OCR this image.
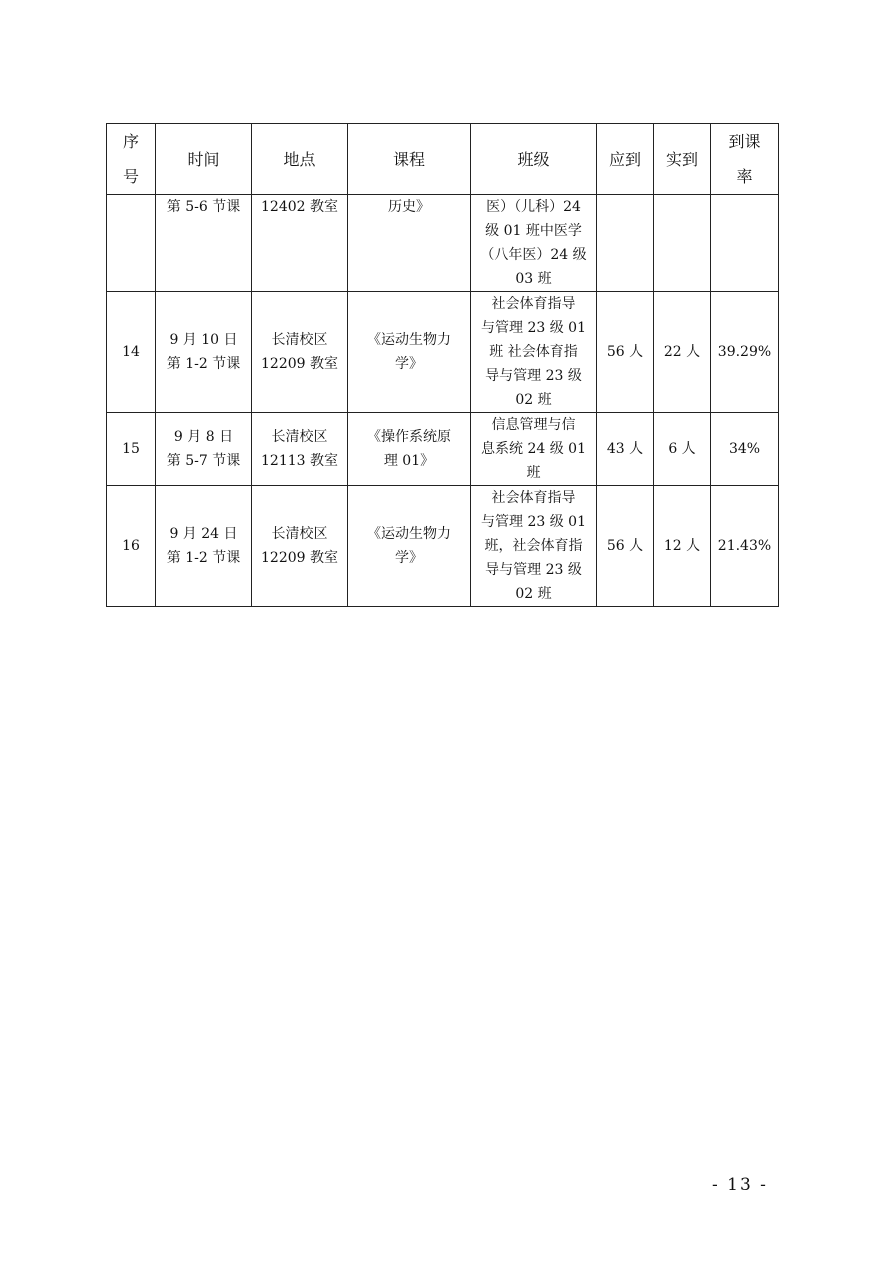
序
号	时间	地点	课程	班级	应到	实到	到课
率
	第 5-6 节课	12402 教室	历史》	医）（儿科）24
级 01 班中医学
（八年医）24 级
03 班			
14	9 月 10 日
第 1-2 节课	长清校区
12209 教室	《运动生物力
学》	社会体育指导
与管理 23 级 01
班 社会体育指
导与管理 23 级
02 班	56 人	22 人	39.29%
15	9 月 8 日
第 5-7 节课	长清校区
12113 教室	《操作系统原
理 01》	信息管理与信
息系统 24 级 01
班	43 人	6 人	34%
16	9 月 24 日
第 1-2 节课	长清校区
12209 教室	《运动生物力
学》	社会体育指导
与管理 23 级 01
班，社会体育指
导与管理 23 级
02 班	56 人	12 人	21.43%
- 13 -
